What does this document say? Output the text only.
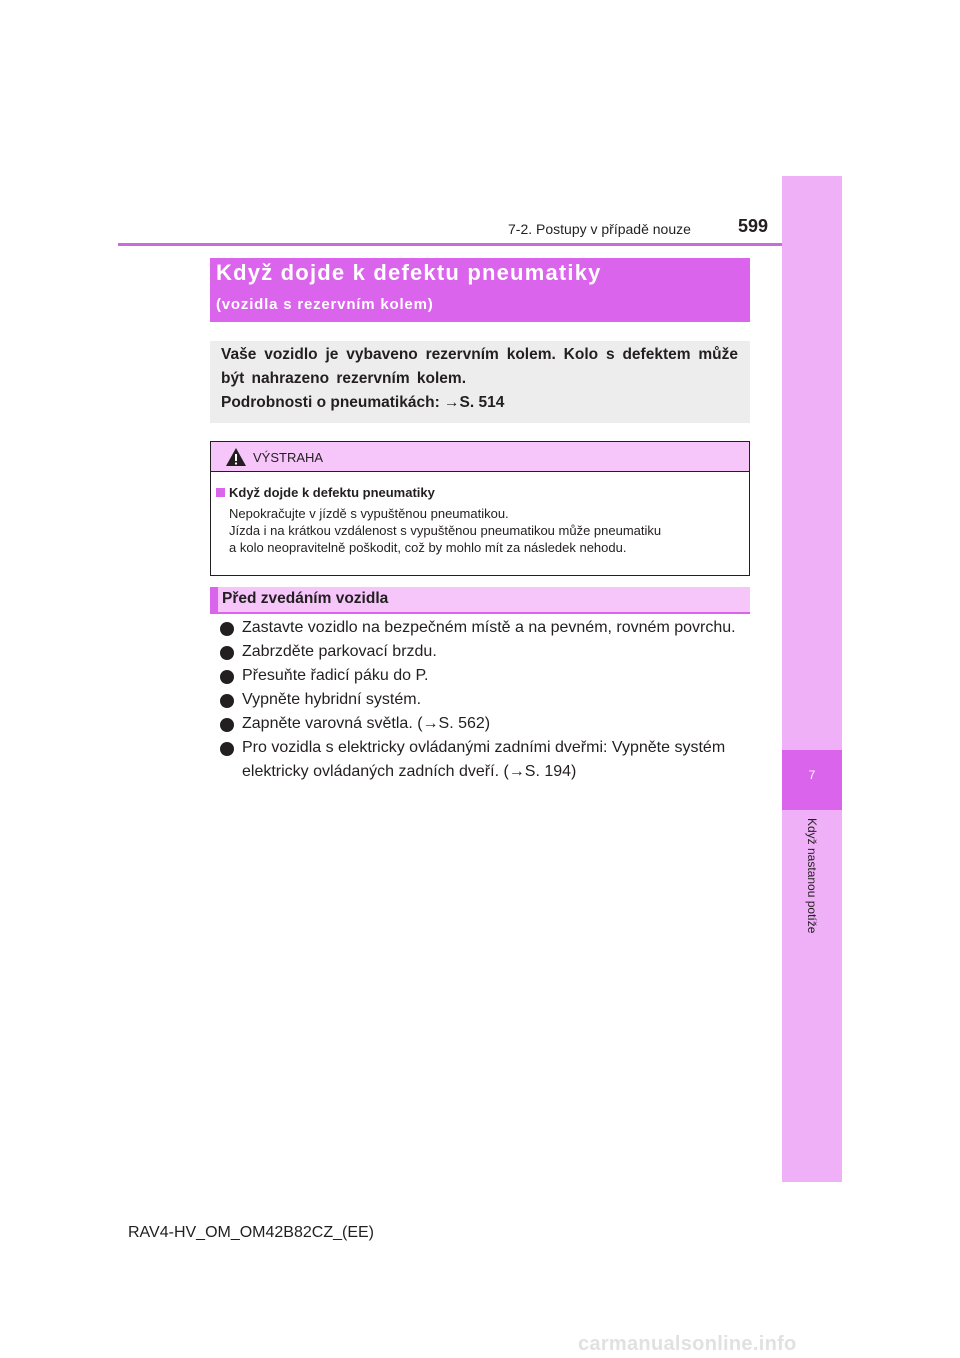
7-2. Postupy v případě nouze	599
7
Když nastanou potíže
Když dojde k defektu pneumatiky
(vozidla s rezervním kolem)
Vaše vozidlo je vybaveno rezervním kolem. Kolo s defektem může být nahrazeno rezervním kolem.
Podrobnosti o pneumatikách: →S. 514
VÝSTRAHA
Když dojde k defektu pneumatiky
Nepokračujte v jízdě s vypuštěnou pneumatikou.
Jízda i na krátkou vzdálenost s vypuštěnou pneumatikou může pneumatiku
a kolo neopravitelně poškodit, což by mohlo mít za následek nehodu.
Před zvedáním vozidla
Zastavte vozidlo na bezpečném místě a na pevném, rovném povrchu.
Zabrzděte parkovací brzdu.
Přesuňte řadicí páku do P.
Vypněte hybridní systém.
Zapněte varovná světla. (→S. 562)
Pro vozidla s elektricky ovládanými zadními dveřmi: Vypněte systém
elektricky ovládaných zadních dveří. (→S. 194)
RAV4-HV_OM_OM42B82CZ_(EE)
carmanualsonline.info
